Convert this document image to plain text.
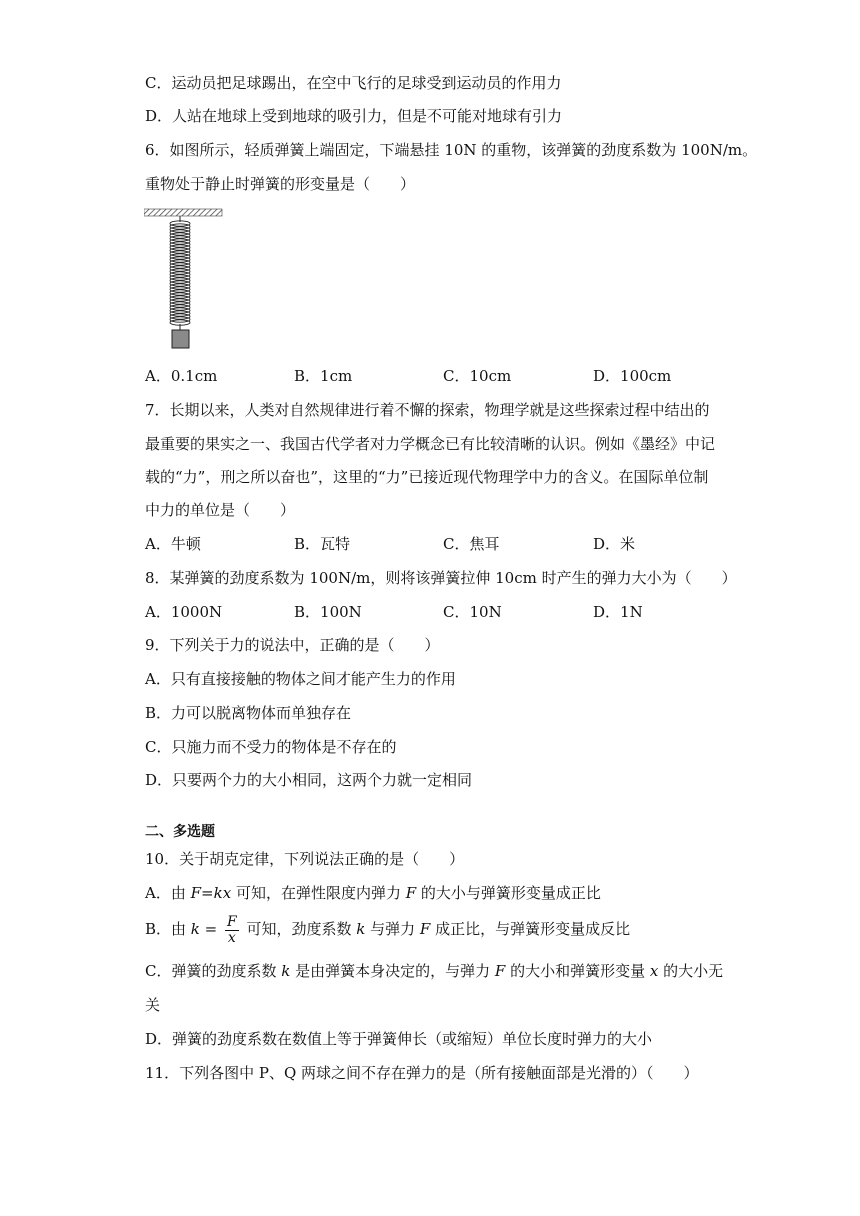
C．运动员把足球踢出，在空中飞行的足球受到运动员的作用力
D．人站在地球上受到地球的吸引力，但是不可能对地球有引力
6．如图所示，轻质弹簧上端固定，下端悬挂 10N 的重物，该弹簧的劲度系数为 100N/m。
重物处于静止时弹簧的形变量是（　　）
A．0.1cm	B．1cm	C．10cm	D．100cm
7．长期以来，人类对自然规律进行着不懈的探索，物理学就是这些探索过程中结出的
最重要的果实之一、我国古代学者对力学概念已有比较清晰的认识。例如《墨经》中记
载的“力”，刑之所以奋也”，这里的“力”已接近现代物理学中力的含义。在国际单位制
中力的单位是（　　）
A．牛顿	B．瓦特	C．焦耳	D．米
8．某弹簧的劲度系数为 100N/m，则将该弹簧拉伸 10cm 时产生的弹力大小为（　　）
A．1000N	B．100N	C．10N	D．1N
9．下列关于力的说法中，正确的是（　　）
A．只有直接接触的物体之间才能产生力的作用
B．力可以脱离物体而单独存在
C．只施力而不受力的物体是不存在的
D．只要两个力的大小相同，这两个力就一定相同
二、多选题
10．关于胡克定律，下列说法正确的是（　　）
A．由 F=kx 可知，在弹性限度内弹力 F 的大小与弹簧形变量成正比
B．由 $k = \frac{F}{x}$ 可知，劲度系数 k 与弹力 F 成正比，与弹簧形变量成反比
C．弹簧的劲度系数 k 是由弹簧本身决定的，与弹力 F 的大小和弹簧形变量 x 的大小无
关
D．弹簧的劲度系数在数值上等于弹簧伸长（或缩短）单位长度时弹力的大小
11．下列各图中 P、Q 两球之间不存在弹力的是（所有接触面部是光滑的）（　　）
